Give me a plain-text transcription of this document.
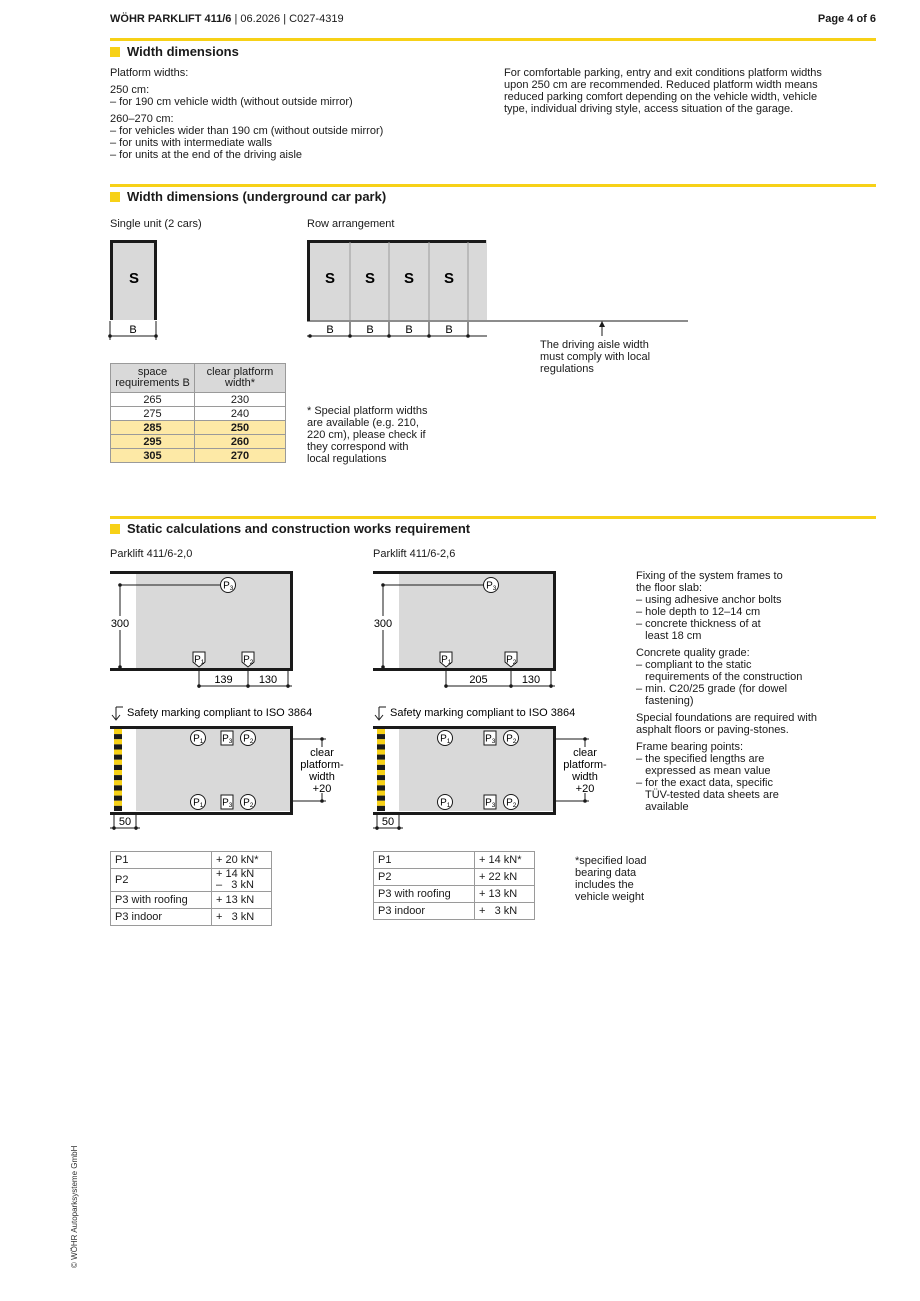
WÖHR PARKLIFT 411/6 | 06.2026 | C027-4319	Page 4 of 6
Width dimensions
Platform widths:
250 cm:
– for 190 cm vehicle width (without outside mirror)
260–270 cm:
– for vehicles wider than 190 cm (without outside mirror)
– for units with intermediate walls
– for units at the end of the driving aisle
For comfortable parking, entry and exit conditions platform widths
upon 250 cm are recommended. Reduced platform width means
reduced parking comfort depending on the vehicle width, vehicle
type, individual driving style, access situation of the garage.
Width dimensions (underground car park)
Single unit (2 cars)	Row arrangement
S
B
S S S S
B	B	B	B
The driving aisle width
must comply with local
regulations
space requirements B	clear platform width*
265	230
275	240
285	250
295	260
305	270
* Special platform widths
are available (e.g. 210,
220 cm), please check if
they correspond with
local regulations
Static calculations and construction works requirement
Parklift 411/6-2,0	Parklift 411/6-2,6
300
P 3
P 1	P 2
139 130
Safety marking compliant to ISO 3864
clear
platform-
width
+20
P 1 P 3 P 2
P 1 P 3 P 2
50
300
P 3
P 1	P 2
205	130
Safety marking compliant to ISO 3864
clear
platform-
width
+20
P 1	P 3 P 2
P 1	P 3 P 2
50
Fixing of the system frames to
the floor slab:
– using adhesive anchor bolts
– hole depth to 12–14 cm
– concrete thickness of at
least 18 cm
Concrete quality grade:
– compliant to the static
requirements of the construction
– min. C20/25 grade (for dowel
fastening)
Special foundations are required with
asphalt floors or paving-stones.
Frame bearing points:
– the specified lengths are
expressed as mean value
– for the exact data, specific
TÜV-tested data sheets are
available
P1	+ 20 kN*
P2	+ 14 kN
–   3 kN
P3 with roofing	+ 13 kN
P3 indoor	+   3 kN
P1	+ 14 kN*
P2	+ 22 kN
P3 with roofing	+ 13 kN
P3 indoor	+   3 kN
*specified load
bearing data
includes the
vehicle weight
© WÖHR Autoparksysteme GmbH
